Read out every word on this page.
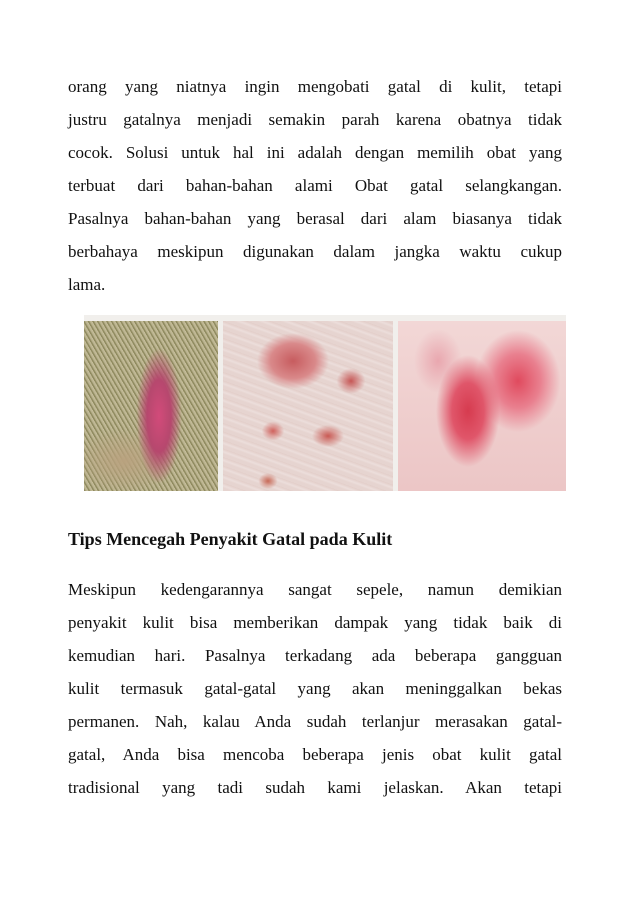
orang yang niatnya ingin mengobati gatal di kulit, tetapi
justru gatalnya menjadi semakin parah karena obatnya tidak
cocok. Solusi untuk hal ini adalah dengan memilih obat yang
terbuat dari bahan-bahan alami Obat gatal selangkangan.
Pasalnya bahan-bahan yang berasal dari alam biasanya tidak
berbahaya meskipun digunakan dalam jangka waktu cukup
lama.

Tips Mencegah Penyakit Gatal pada Kulit

Meskipun kedengarannya sangat sepele, namun demikian
penyakit kulit bisa memberikan dampak yang tidak baik di
kemudian hari. Pasalnya terkadang ada beberapa gangguan
kulit termasuk gatal-gatal yang akan meninggalkan bekas
permanen. Nah, kalau Anda sudah terlanjur merasakan gatal-
gatal, Anda bisa mencoba beberapa jenis obat kulit gatal
tradisional yang tadi sudah kami jelaskan. Akan tetapi
